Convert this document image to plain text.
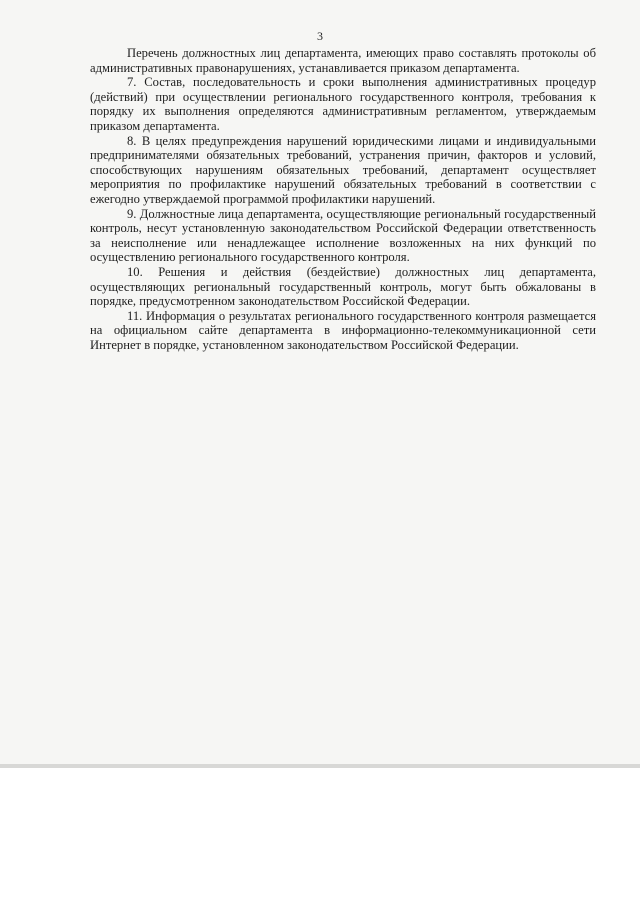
3

Перечень должностных лиц департамента, имеющих право составлять протоколы об административных правонарушениях, устанавливается приказом департамента.

7. Состав, последовательность и сроки выполнения административных процедур (действий) при осуществлении регионального государственного контроля, требования к порядку их выполнения определяются административным регламентом, утверждаемым приказом департамента.

8. В целях предупреждения нарушений юридическими лицами и индивидуальными предпринимателями обязательных требований, устранения причин, факторов и условий, способствующих нарушениям обязательных требований, департамент осуществляет мероприятия по профилактике нарушений обязательных требований в соответствии с ежегодно утверждаемой программой профилактики нарушений.

9. Должностные лица департамента, осуществляющие региональный государственный контроль, несут установленную законодательством Российской Федерации ответственность за неисполнение или ненадлежащее исполнение возложенных на них функций по осуществлению регионального государственного контроля.

10. Решения и действия (бездействие) должностных лиц департамента, осуществляющих региональный государственный контроль, могут быть обжалованы в порядке, предусмотренном законодательством Российской Федерации.

11. Информация о результатах регионального государственного контроля размещается на официальном сайте департамента в информационно-телекоммуникационной сети Интернет в порядке, установленном законодательством Российской Федерации.
